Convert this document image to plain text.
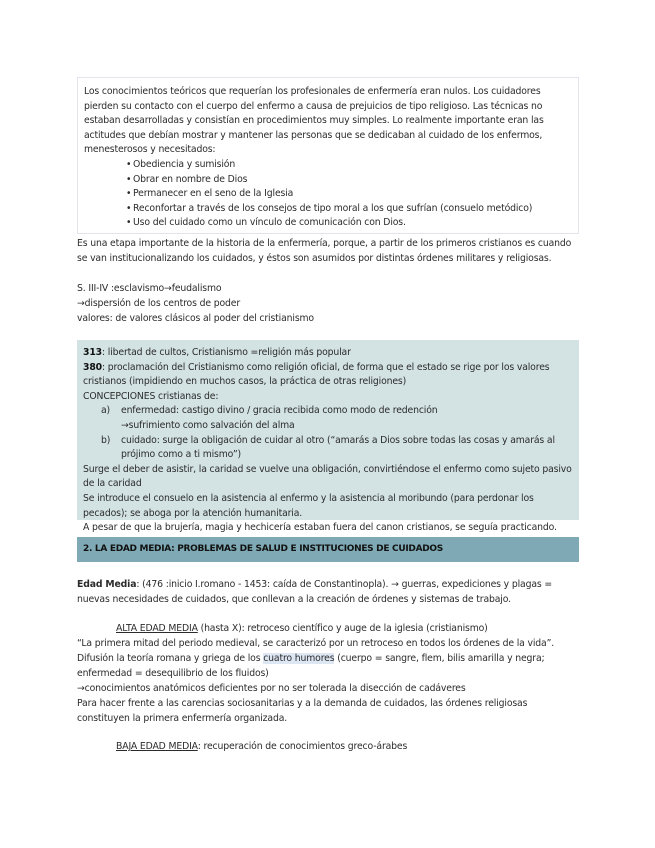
Los conocimientos teóricos que requerían los profesionales de enfermería eran nulos. Los cuidadores pierden su contacto con el cuerpo del enfermo a causa de prejuicios de tipo religioso. Las técnicas no estaban desarrolladas y consistían en procedimientos muy simples. Lo realmente importante eran las actitudes que debían mostrar y mantener las personas que se dedicaban al cuidado de los enfermos, menesterosos y necesitados:

• Obediencia y sumisión
• Obrar en nombre de Dios
• Permanecer en el seno de la Iglesia
• Reconfortar a través de los consejos de tipo moral a los que sufrían (consuelo metódico)
• Uso del cuidado como un vínculo de comunicación con Dios.

Es una etapa importante de la historia de la enfermería, porque, a partir de los primeros cristianos es cuando se van institucionalizando los cuidados, y éstos son asumidos por distintas órdenes militares y religiosas.

S. III-IV :esclavismo→feudalismo

→dispersión de los centros de poder

valores: de valores clásicos al poder del cristianismo

313: libertad de cultos, Cristianismo =religión más popular

380: proclamación del Cristianismo como religión oficial, de forma que el estado se rige por los valores cristianos (impidiendo en muchos casos, la práctica de otras religiones)

CONCEPCIONES cristianas de:

a) enfermedad: castigo divino / gracia recibida como modo de redención
→sufrimiento como salvación del alma
b) cuidado: surge la obligación de cuidar al otro (“amarás a Dios sobre todas las cosas y amarás al prójimo como a ti mismo”)

Surge el deber de asistir, la caridad se vuelve una obligación, convirtiéndose el enfermo como sujeto pasivo de la caridad

Se introduce el consuelo en la asistencia al enfermo y la asistencia al moribundo (para perdonar los pecados); se aboga por la atención humanitaria.

A pesar de que la brujería, magia y hechicería estaban fuera del canon cristianos, se seguía practicando.

2. LA EDAD MEDIA: PROBLEMAS DE SALUD E INSTITUCIONES DE CUIDADOS

Edad Media: (476 :inicio I.romano - 1453: caída de Constantinopla). → guerras, expediciones y plagas = nuevas necesidades de cuidados, que conllevan a la creación de órdenes y sistemas de trabajo.

ALTA EDAD MEDIA (hasta X): retroceso científico y auge de la iglesia (cristianismo)

“La primera mitad del periodo medieval, se caracterizó por un retroceso en todos los órdenes de la vida”.

Difusión la teoría romana y griega de los cuatro humores (cuerpo = sangre, flem, bilis amarilla y negra; enfermedad = desequilibrio de los fluidos)

→conocimientos anatómicos deficientes por no ser tolerada la disección de cadáveres

Para hacer frente a las carencias sociosanitarias y a la demanda de cuidados, las órdenes religiosas constituyen la primera enfermería organizada.

BAJA EDAD MEDIA: recuperación de conocimientos greco-árabes
